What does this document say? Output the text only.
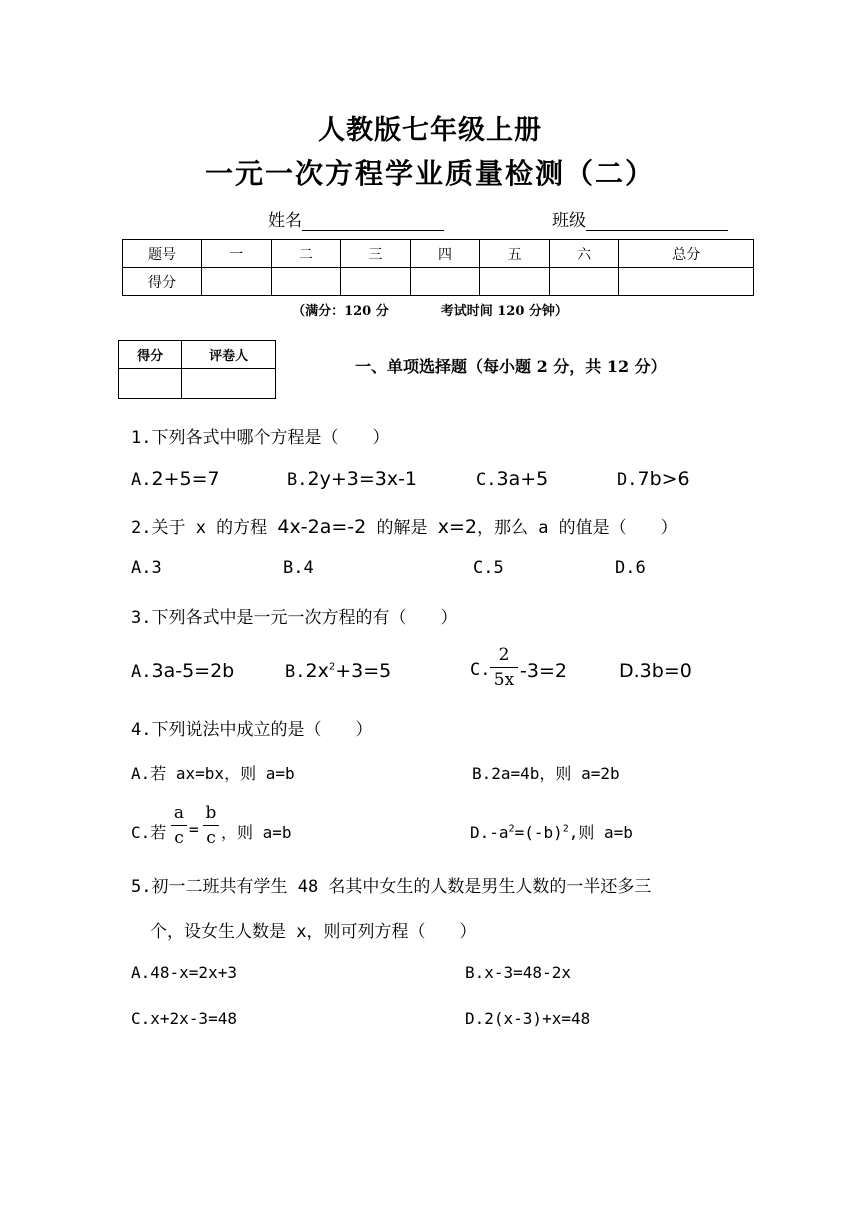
人教版七年级上册
一元一次方程学业质量检测（二）
姓名	班级
题号	一	二	三	四	五	六	总分
得分							
（满分：120 分	考试时间 120 分钟）
得分	评卷人

一、单项选择题（每小题 2 分，共 12 分）
1.下列各式中哪个方程是（　　）
A.2+5=7	B.2y+3=3x-1	C.3a+5	D.7b>6
2.关于 x 的方程 4x-2a=-2 的解是 x=2，那么 a 的值是（　　）
A.3	B.4	C.5	D.6
3.下列各式中是一元一次方程的有（　　）
A.3a-5=2b	$B.2x^2+3=5$	C.
2
5x -3=2	D.3b=0
4.下列说法中成立的是（　　）
A.若 ax=bx，则 a=b	B.2a=4b，则 a=2b
C.若
a
c =
b
c ，则 a=b	$D.-a^2=(-b)^2$,则 a=b
5.初一二班共有学生 48 名其中女生的人数是男生人数的一半还多三
个，设女生人数是 x，则可列方程（　　）
A.48-x=2x+3	B.x-3=48-2x
C.x+2x-3=48	D.2(x-3)+x=48
